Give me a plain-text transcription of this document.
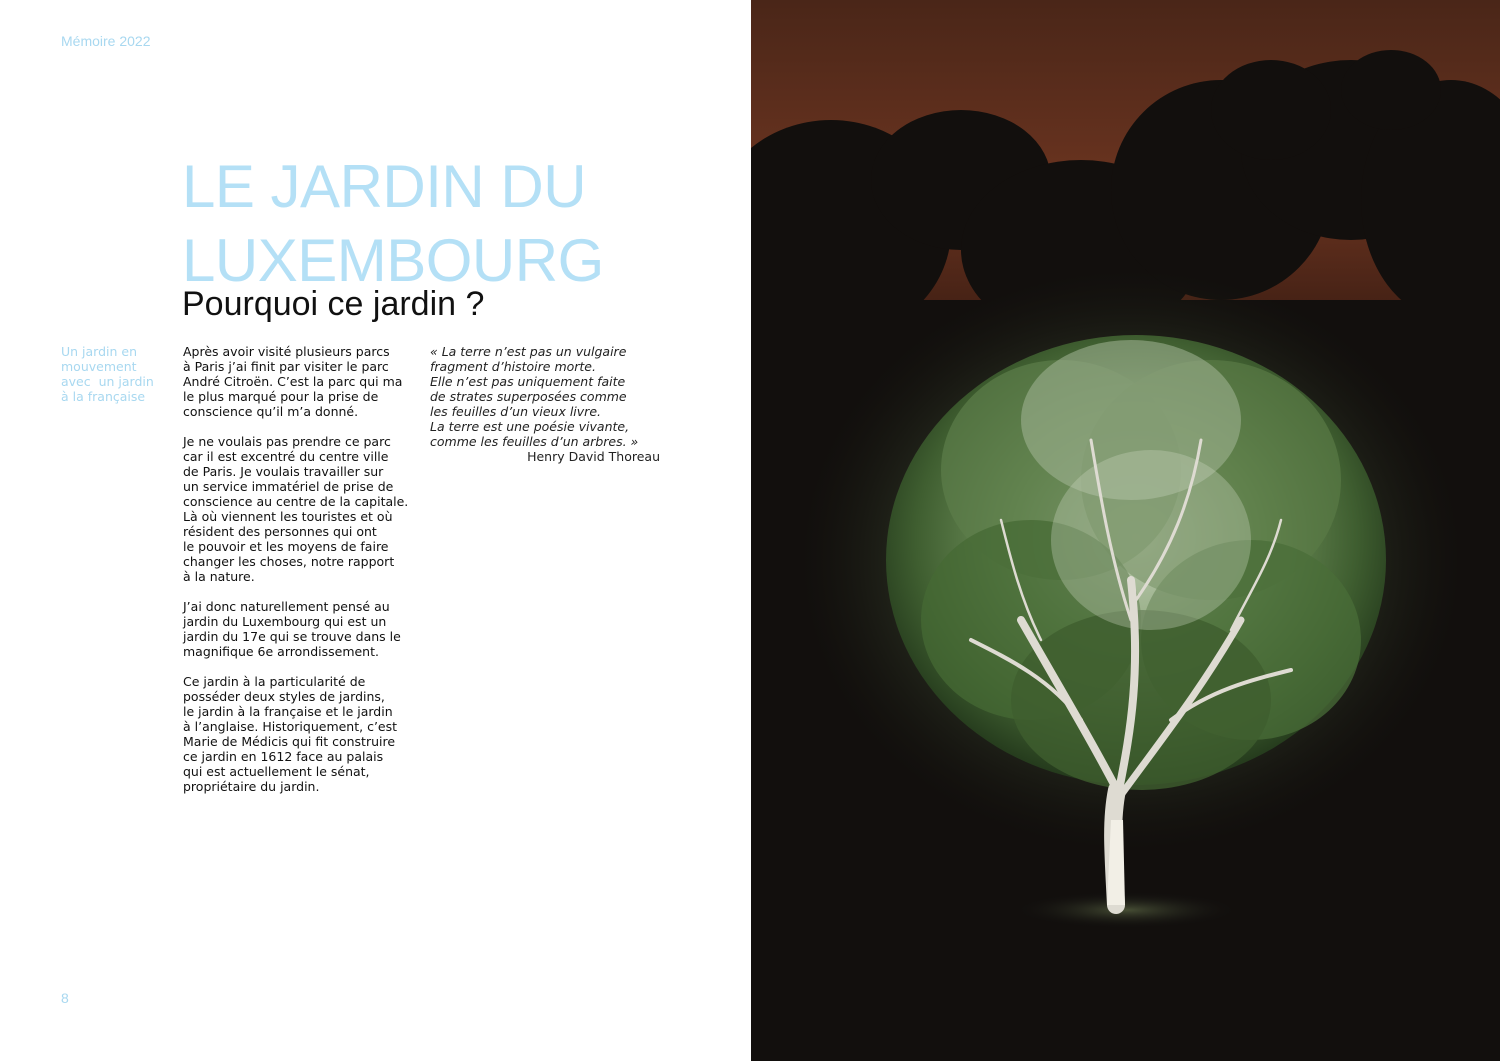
Mémoire 2022
LE JARDIN DU
LUXEMBOURG
Pourquoi ce jardin ?
Un jardin en
mouvement
avec  un jardin
à la française

Après avoir visité plusieurs parcs
à Paris j’ai finit par visiter le parc
André Citroën. C’est la parc qui ma
le plus marqué pour la prise de
conscience qu’il m’a donné.

Je ne voulais pas prendre ce parc
car il est excentré du centre ville
de Paris. Je voulais travailler sur
un service immatériel de prise de
conscience au centre de la capitale.
Là où viennent les touristes et où
résident des personnes qui ont
le pouvoir et les moyens de faire
changer les choses, notre rapport
à la nature.

J’ai donc naturellement pensé au
jardin du Luxembourg qui est un
jardin du 17e qui se trouve dans le
magnifique 6e arrondissement.

Ce jardin à la particularité de
posséder deux styles de jardins,
le jardin à la française et le jardin
à l’anglaise. Historiquement, c’est
Marie de Médicis qui fit construire
ce jardin en 1612 face au palais
qui est actuellement le sénat,
propriétaire du jardin.

« La terre n’est pas un vulgaire
fragment d’histoire morte.
Elle n’est pas uniquement faite
de strates superposées comme
les feuilles d’un vieux livre.
La terre est une poésie vivante,
comme les feuilles d’un arbres. »
Henry David Thoreau
8
